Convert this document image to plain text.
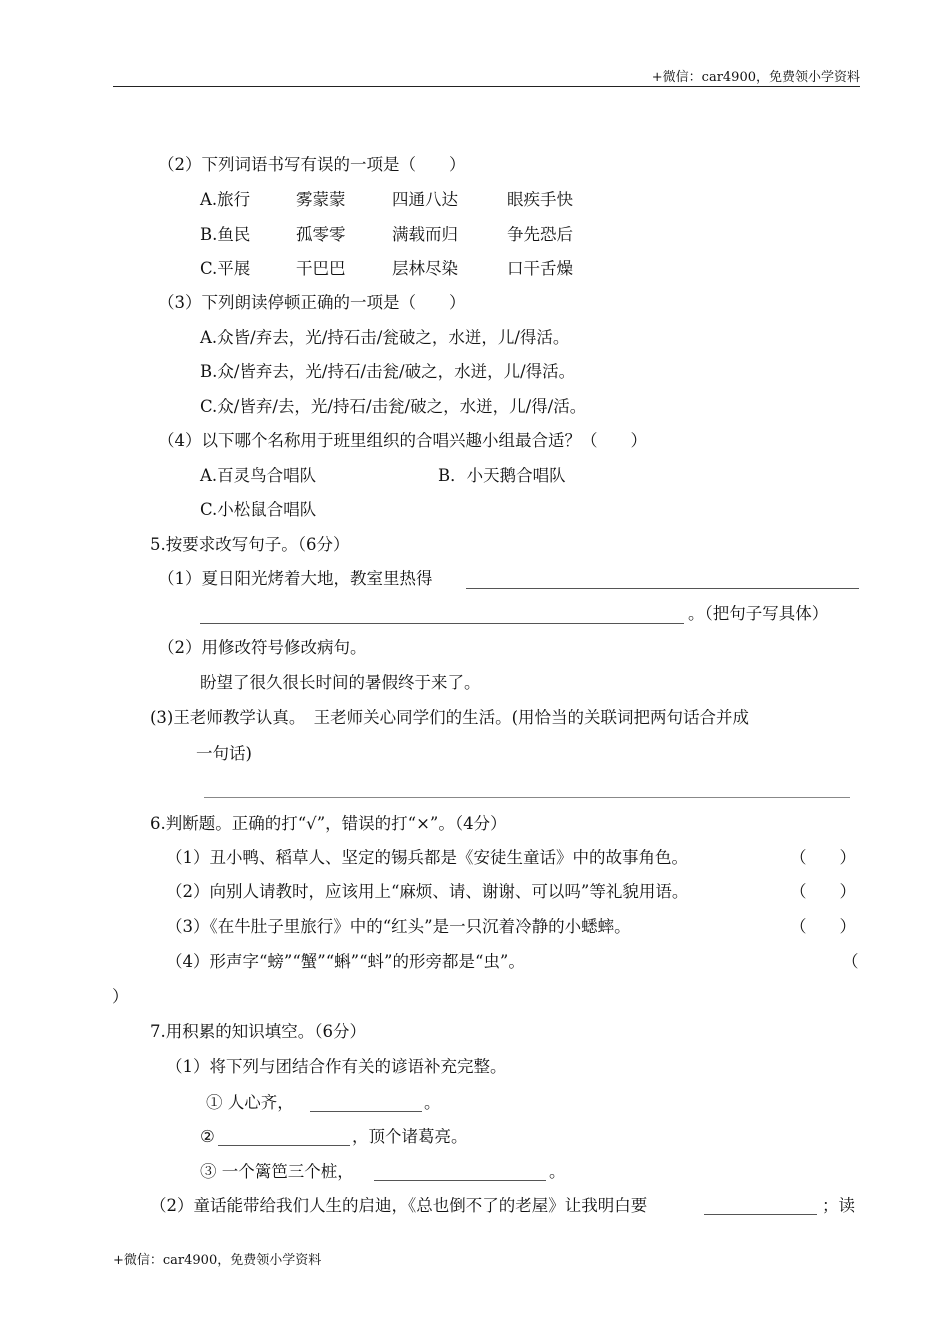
+微信：car4900，免费领小学资料
+微信：car4900，免费领小学资料
（2）下列词语书写有误的一项是（　　）
A.旅行	雾蒙蒙	四通八达	眼疾手快
B.鱼民	孤零零	满载而归	争先恐后
C.平展	干巴巴	层林尽染	口干舌燥
（3）下列朗读停顿正确的一项是（　　）
A.众皆/弃去，光/持石击/瓮破之，水迸，儿/得活。
B.众/皆弃去，光/持石/击瓮/破之，水迸，儿/得活。
C.众/皆弃/去，光/持石/击瓮/破之，水迸，儿/得/活。
（4）以下哪个名称用于班里组织的合唱兴趣小组最合适？（　　）
A.百灵鸟合唱队	B．小天鹅合唱队
C.小松鼠合唱队
5.按要求改写句子。（6分）
（1）夏日阳光烤着大地，教室里热得
。（把句子写具体）
（2）用修改符号修改病句。
盼望了很久很长时间的暑假终于来了。
(3)王老师教学认真。　王老师关心同学们的生活。(用恰当的关联词把两句话合并成
一句话)
6.判断题。正确的打“√”，错误的打“×”。（4分）
（1）丑小鸭、稻草人、坚定的锡兵都是《安徒生童话》中的故事角色。	（　　）
（2）向别人请教时，应该用上“麻烦、请、谢谢、可以吗”等礼貌用语。	（　　）
（3）《在牛肚子里旅行》中的“红头”是一只沉着冷静的小蟋蟀。	（　　）
（4）形声字“螃”“蟹”“蝌”“蚪”的形旁都是“虫”。	（
）
7.用积累的知识填空。（6分）
（1）将下列与团结合作有关的谚语补充完整。
① 人心齐，	。
②	，顶个诸葛亮。
③ 一个篱笆三个桩，	。
（2）童话能带给我们人生的启迪，《总也倒不了的老屋》让我明白要	；读
